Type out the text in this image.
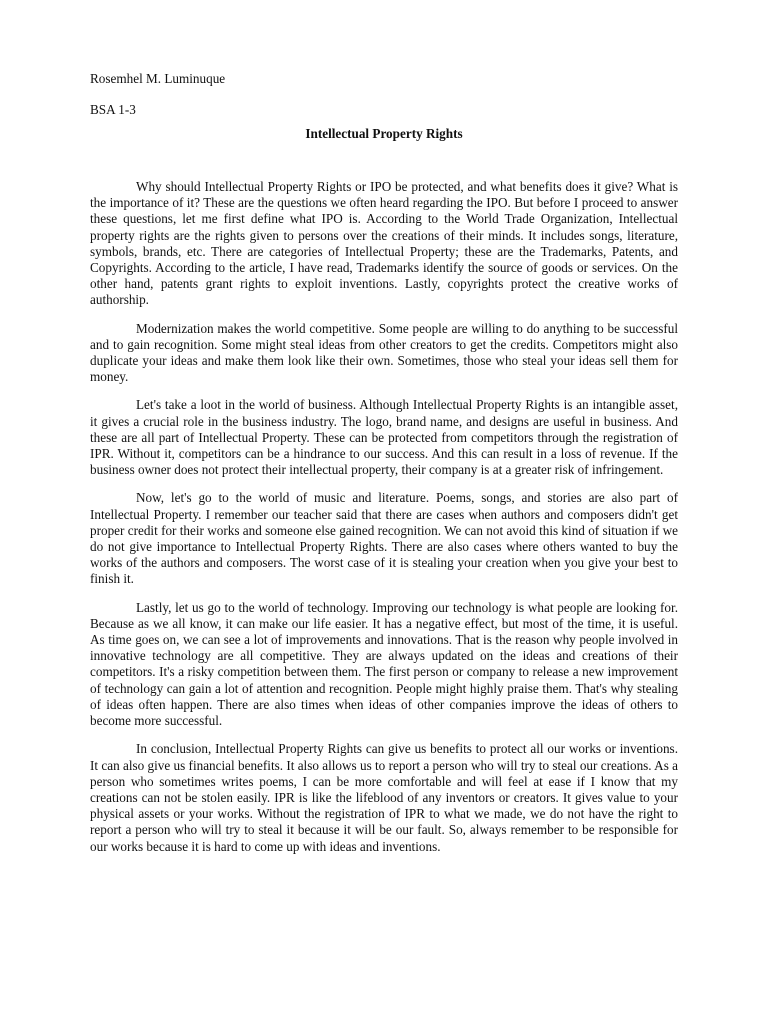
Rosemhel M. Luminuque

BSA 1-3

Intellectual Property Rights

Why should Intellectual Property Rights or IPO be protected, and what benefits does it give? What is the importance of it? These are the questions we often heard regarding the IPO. But before I proceed to answer these questions, let me first define what IPO is. According to the World Trade Organization, Intellectual property rights are the rights given to persons over the creations of their minds. It includes songs, literature, symbols, brands, etc. There are categories of Intellectual Property; these are the Trademarks, Patents, and Copyrights. According to the article, I have read, Trademarks identify the source of goods or services. On the other hand, patents grant rights to exploit inventions. Lastly, copyrights protect the creative works of authorship.

Modernization makes the world competitive. Some people are willing to do anything to be successful and to gain recognition. Some might steal ideas from other creators to get the credits. Competitors might also duplicate your ideas and make them look like their own. Sometimes, those who steal your ideas sell them for money.

Let's take a loot in the world of business. Although Intellectual Property Rights is an intangible asset, it gives a crucial role in the business industry. The logo, brand name, and designs are useful in business. And these are all part of Intellectual Property. These can be protected from competitors through the registration of IPR. Without it, competitors can be a hindrance to our success. And this can result in a loss of revenue. If the business owner does not protect their intellectual property, their company is at a greater risk of infringement.

Now, let's go to the world of music and literature. Poems, songs, and stories are also part of Intellectual Property. I remember our teacher said that there are cases when authors and composers didn't get proper credit for their works and someone else gained recognition. We can not avoid this kind of situation if we do not give importance to Intellectual Property Rights. There are also cases where others wanted to buy the works of the authors and composers. The worst case of it is stealing your creation when you give your best to finish it.

Lastly, let us go to the world of technology. Improving our technology is what people are looking for. Because as we all know, it can make our life easier. It has a negative effect, but most of the time, it is useful. As time goes on, we can see a lot of improvements and innovations. That is the reason why people involved in innovative technology are all competitive. They are always updated on the ideas and creations of their competitors. It's a risky competition between them. The first person or company to release a new improvement of technology can gain a lot of attention and recognition. People might highly praise them. That's why stealing of ideas often happen. There are also times when ideas of other companies improve the ideas of others to become more successful.

In conclusion, Intellectual Property Rights can give us benefits to protect all our works or inventions. It can also give us financial benefits. It also allows us to report a person who will try to steal our creations. As a person who sometimes writes poems, I can be more comfortable and will feel at ease if I know that my creations can not be stolen easily. IPR is like the lifeblood of any inventors or creators. It gives value to your physical assets or your works. Without the registration of IPR to what we made, we do not have the right to report a person who will try to steal it because it will be our fault. So, always remember to be responsible for our works because it is hard to come up with ideas and inventions.
